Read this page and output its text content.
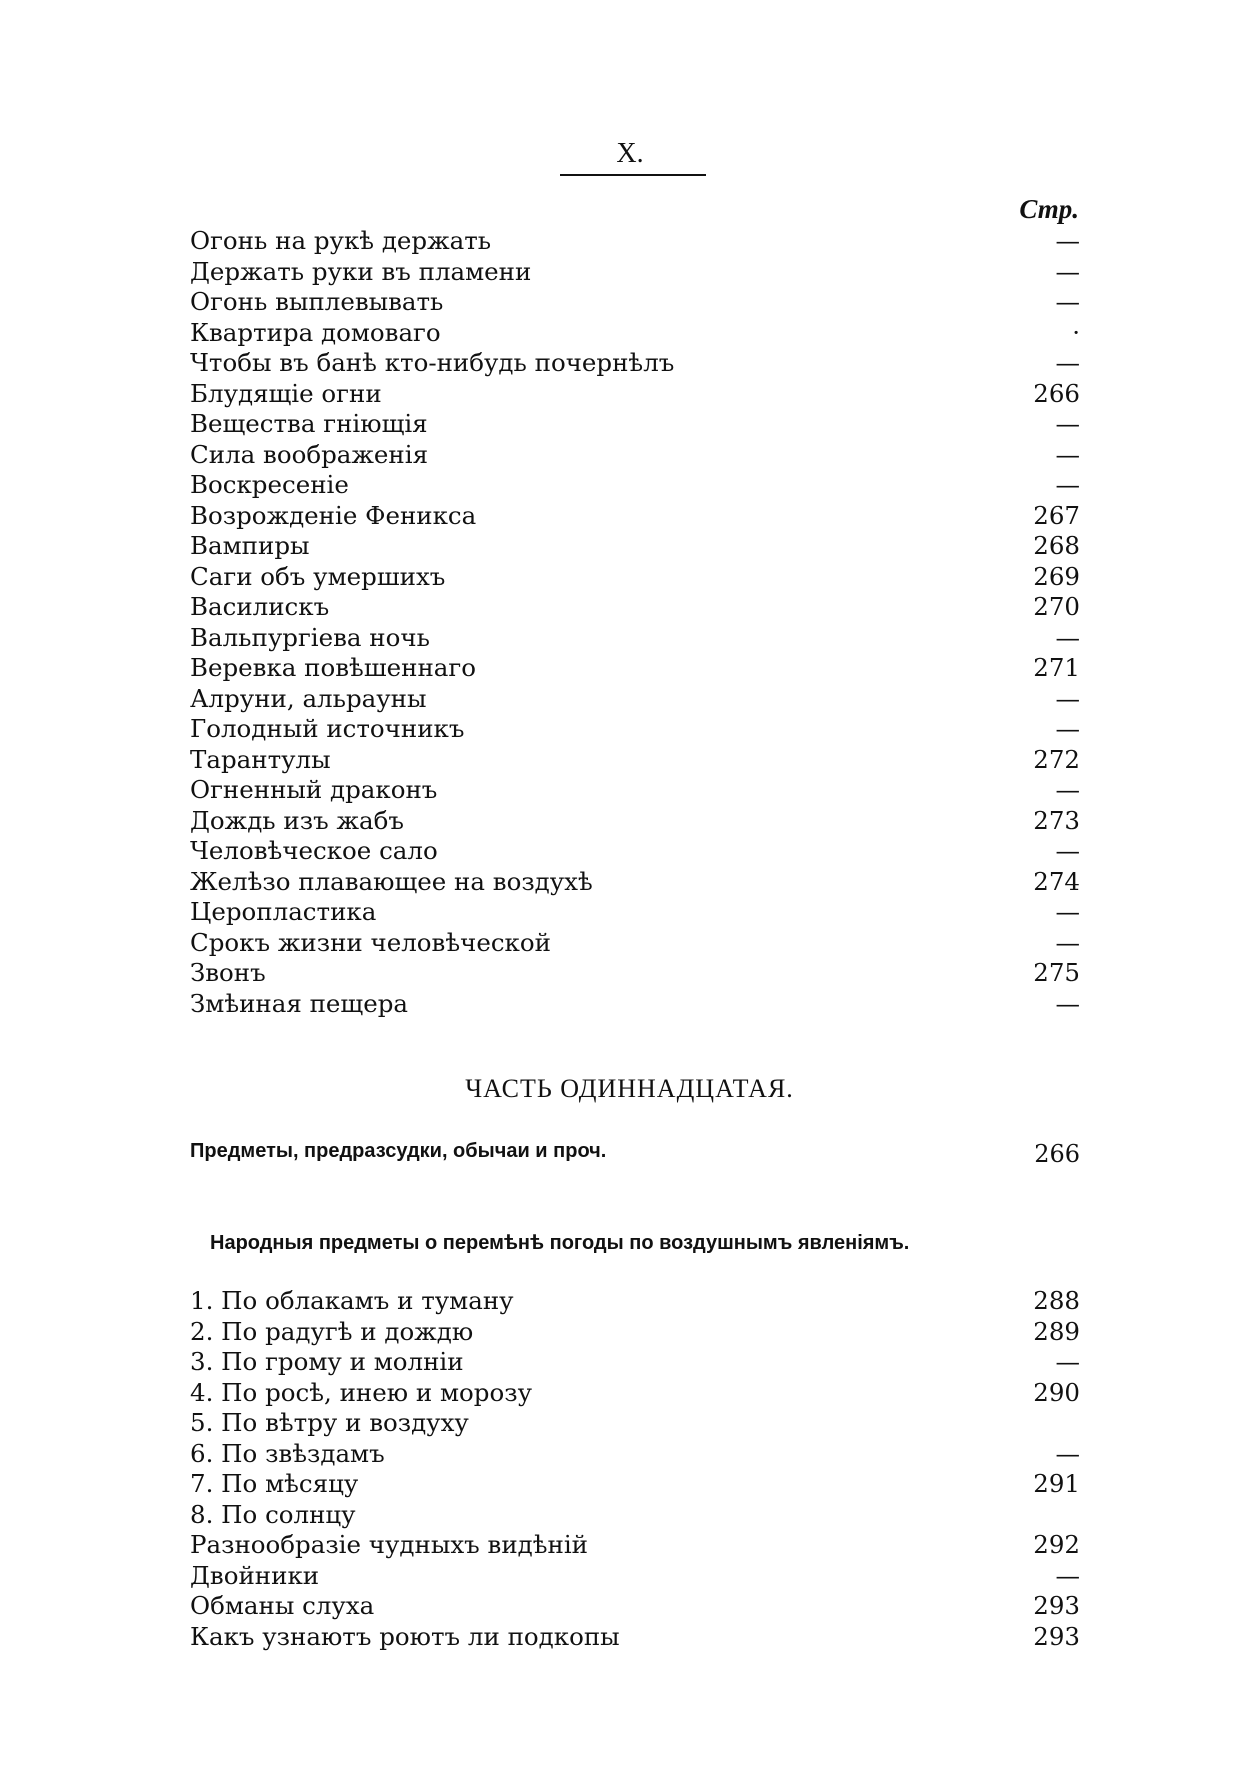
X.
Стр.
Огонь на рукѣ держать	—
Держать руки въ пламени	—
Огонь выплевывать	—
Квартира домоваго	·
Чтобы въ банѣ кто-нибудь почернѣлъ	—
Блудящіе огни	266
Вещества гніющія	—
Сила воображенія	—
Воскресеніе	—
Возрожденіе Феникса	267
Вампиры	268
Саги объ умершихъ	269
Василискъ	270
Вальпургіева ночь	—
Веревка повѣшеннаго	271
Алруни, альрауны	—
Голодный источникъ	—
Тарантулы	272
Огненный драконъ	—
Дождь изъ жабъ	273
Человѣческое сало	—
Желѣзо плавающее на воздухѣ	274
Церопластика	—
Срокъ жизни человѣческой	—
Звонъ	275
Змѣиная пещера	—
ЧАСТЬ ОДИННАДЦАТАЯ.
Предметы, предразсудки, обычаи и проч.	266
Народныя предметы о перемѣнѣ погоды по воздушнымъ явленіямъ.
1. По облакамъ и туману	288
2. По радугѣ и дождю	289
3. По грому и молніи	—
4. По росѣ, инею и морозу	290
5. По вѣтру и воздуху
6. По звѣздамъ	—
7. По мѣсяцу	291
8. По солнцу
Разнообразіе чудныхъ видѣній	292
Двойники	—
Обманы слуха	293
Какъ узнаютъ роютъ ли подкопы	293
